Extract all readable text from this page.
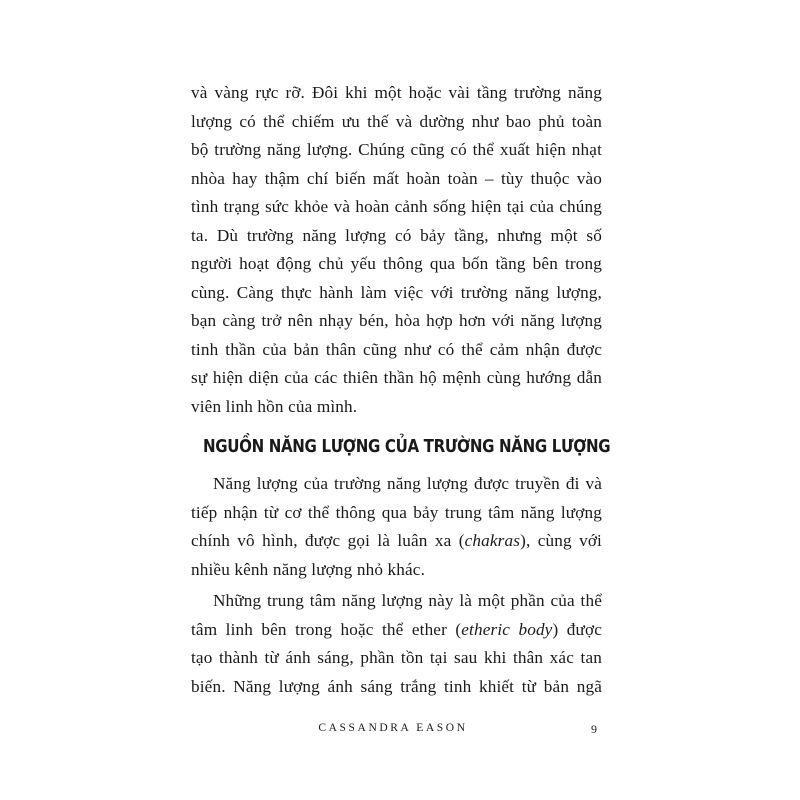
và vàng rực rỡ. Đôi khi một hoặc vài tầng trường năng
lượng có thể chiếm ưu thế và dường như bao phủ toàn
bộ trường năng lượng. Chúng cũng có thể xuất hiện nhạt
nhòa hay thậm chí biến mất hoàn toàn – tùy thuộc vào
tình trạng sức khỏe và hoàn cảnh sống hiện tại của chúng
ta. Dù trường năng lượng có bảy tầng, nhưng một số
người hoạt động chủ yếu thông qua bốn tầng bên trong
cùng. Càng thực hành làm việc với trường năng lượng,
bạn càng trở nên nhạy bén, hòa hợp hơn với năng lượng
tinh thần của bản thân cũng như có thể cảm nhận được
sự hiện diện của các thiên thần hộ mệnh cùng hướng dẫn
viên linh hồn của mình.
NGUỒN NĂNG LƯỢNG CỦA TRƯỜNG NĂNG LƯỢNG
Năng lượng của trường năng lượng được truyền đi và
tiếp nhận từ cơ thể thông qua bảy trung tâm năng lượng
chính vô hình, được gọi là luân xa (chakras), cùng với
nhiều kênh năng lượng nhỏ khác.
Những trung tâm năng lượng này là một phần của thể
tâm linh bên trong hoặc thể ether (etheric body) được
tạo thành từ ánh sáng, phần tồn tại sau khi thân xác tan
biến. Năng lượng ánh sáng trắng tinh khiết từ bản ngã
CASSANDRA EASON	9
